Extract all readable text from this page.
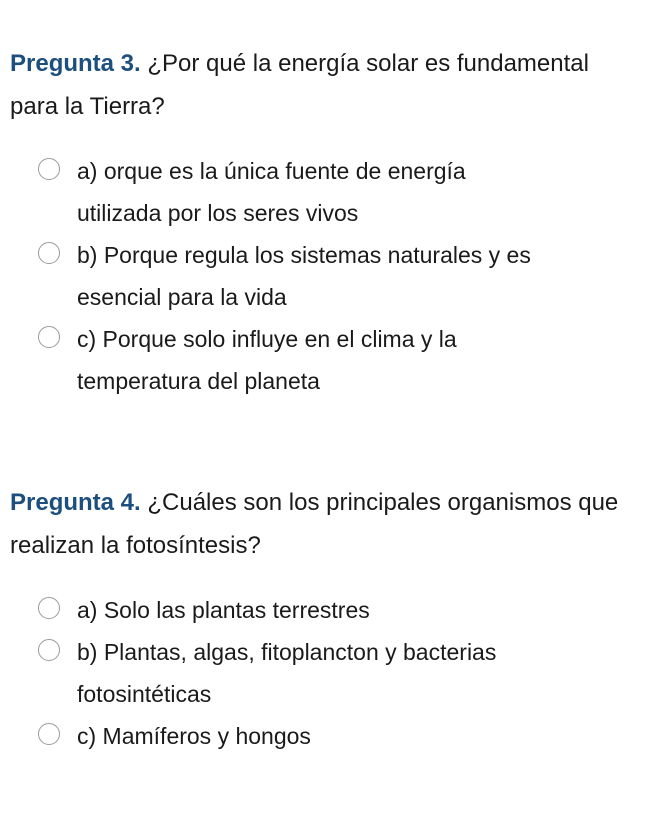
Pregunta 3. ¿Por qué la energía solar es fundamental para la Tierra?

a) orque es la única fuente de energía utilizada por los seres vivos
b) Porque regula los sistemas naturales y es esencial para la vida
c) Porque solo influye en el clima y la temperatura del planeta

Pregunta 4. ¿Cuáles son los principales organismos que realizan la fotosíntesis?

a) Solo las plantas terrestres
b) Plantas, algas, fitoplancton y bacterias fotosintéticas
c) Mamíferos y hongos
